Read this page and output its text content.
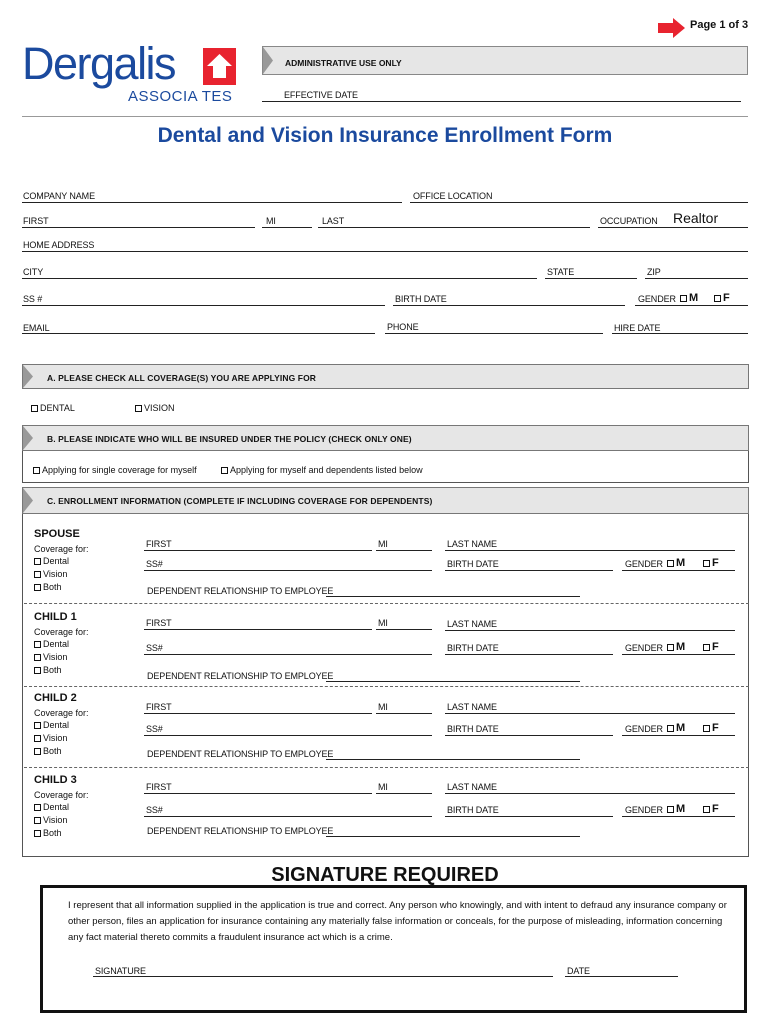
Page 1 of 3
Dergalis
ASSOCIA TES
ADMINISTRATIVE USE ONLY
EFFECTIVE DATE
Dental and Vision Insurance Enrollment Form
COMPANY NAME	OFFICE LOCATION
FIRST	MI	LAST	OCCUPATION Realtor
HOME ADDRESS
CITY	STATE	ZIP
SS #	BIRTH DATE	GENDER	M	F
EMAIL	PHONE	HIRE DATE
A. PLEASE CHECK ALL COVERAGE(S) YOU ARE APPLYING FOR
DENTAL	VISION
B. PLEASE INDICATE WHO WILL BE INSURED UNDER THE POLICY (CHECK ONLY ONE)
Applying for single coverage for myself	Applying for myself and dependents listed below
C. ENROLLMENT INFORMATION (COMPLETE IF INCLUDING COVERAGE FOR DEPENDENTS)
SPOUSE
Coverage for:
Dental
Vision
Both
FIRST	MI	LAST NAME
SS#	BIRTH DATE	GENDER	M	F
DEPENDENT RELATIONSHIP TO EMPLOYEE
CHILD 1
Coverage for:
Dental
Vision
Both
FIRST	MI	LAST NAME
SS#	BIRTH DATE	GENDER	M	F
DEPENDENT RELATIONSHIP TO EMPLOYEE
CHILD 2
Coverage for:
Dental
Vision
Both
FIRST	MI	LAST NAME
SS#	BIRTH DATE	GENDER	M	F
DEPENDENT RELATIONSHIP TO EMPLOYEE
CHILD 3
Coverage for:
Dental
Vision
Both
FIRST	MI	LAST NAME
SS#	BIRTH DATE	GENDER	M	F
DEPENDENT RELATIONSHIP TO EMPLOYEE
SIGNATURE REQUIRED
I represent that all information supplied in the application is true and correct. Any person who knowingly, and with intent to defraud any insurance company or other person, files an application for insurance containing any materially false information or conceals, for the purpose of misleading, information concerning any fact material thereto commits a fraudulent insurance act which is a crime.
SIGNATURE	DATE
